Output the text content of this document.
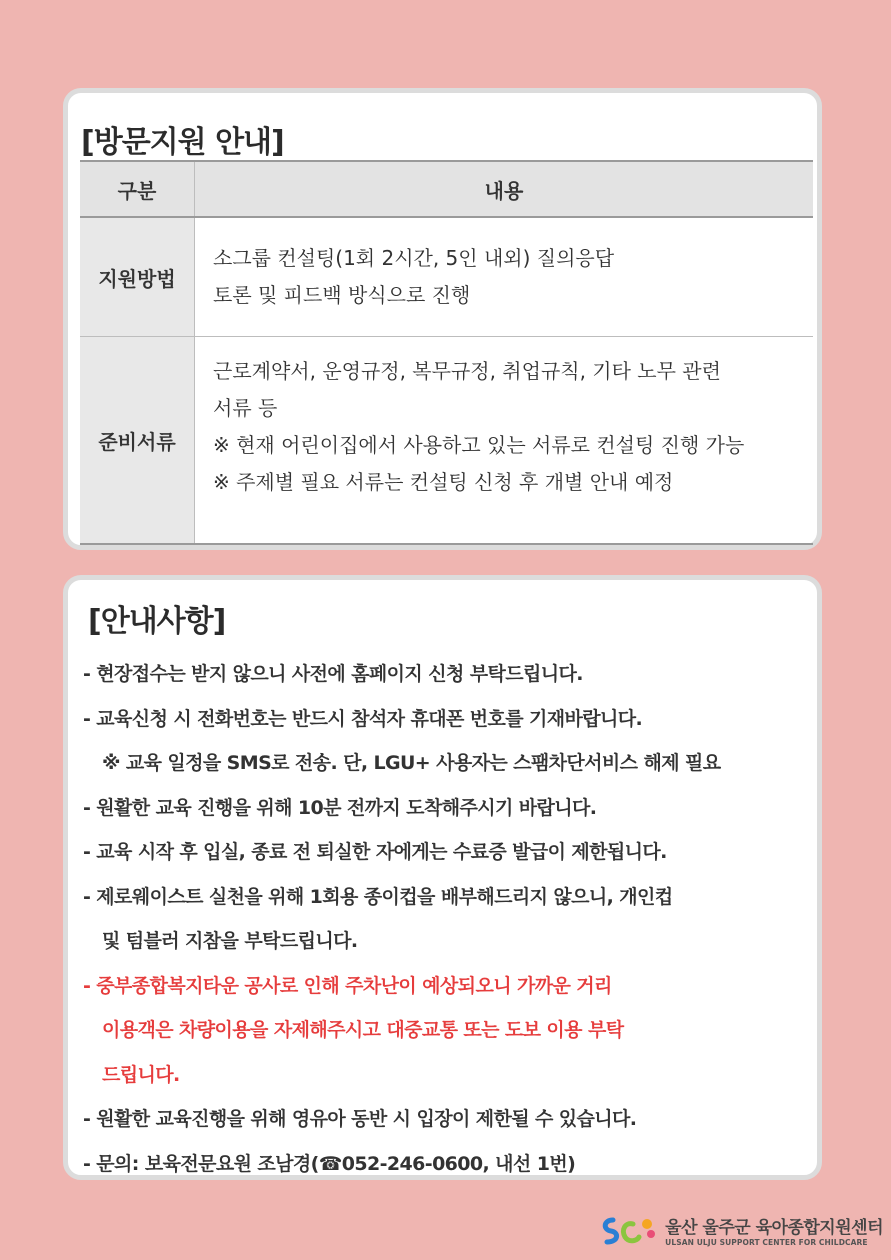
[방문지원 안내]
구분	내용
지원방법	소그룹 컨설팅(1회 2시간, 5인 내외) 질의응답
토론 및 피드백 방식으로 진행

준비서류	근로계약서, 운영규정, 복무규정, 취업규칙, 기타 노무 관련
서류 등
※ 현재 어린이집에서 사용하고 있는 서류로 컨설팅 진행 가능
※ 주제별 필요 서류는 컨설팅 신청 후 개별 안내 예정
[안내사항]
- 현장접수는 받지 않으니 사전에 홈페이지 신청 부탁드립니다.
- 교육신청 시 전화번호는 반드시 참석자 휴대폰 번호를 기재바랍니다.
※ 교육 일정을 SMS로 전송. 단, LGU+ 사용자는 스팸차단서비스 해제 필요
- 원활한 교육 진행을 위해 10분 전까지 도착해주시기 바랍니다.
- 교육 시작 후 입실, 종료 전 퇴실한 자에게는 수료증 발급이 제한됩니다.
- 제로웨이스트 실천을 위해 1회용 종이컵을 배부해드리지 않으니, 개인컵
및 텀블러 지참을 부탁드립니다.
- 중부종합복지타운 공사로 인해 주차난이 예상되오니 가까운 거리
이용객은 차량이용을 자제해주시고 대중교통 또는 도보 이용 부탁
드립니다.
- 원활한 교육진행을 위해 영유아 동반 시 입장이 제한될 수 있습니다.
- 문의: 보육전문요원 조남경(☎052-246-0600, 내선 1번)
울산 울주군 육아종합지원센터
ULSAN ULJU SUPPORT CENTER FOR CHILDCARE
